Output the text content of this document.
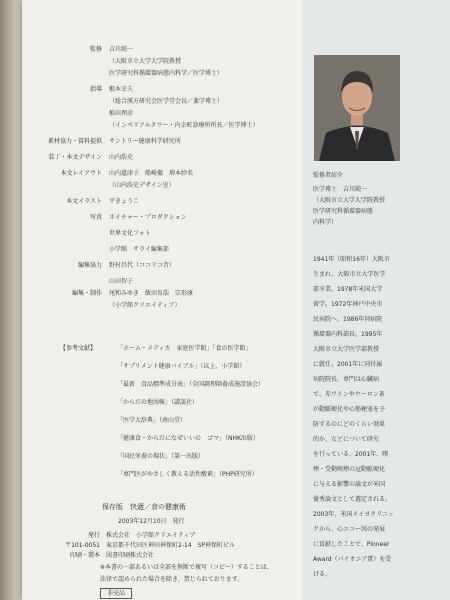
監修 吉川純一
（大阪市立大学大学院教授
医学研究科循環器病態内科学／医学博士）
指導 根本幸夫
（総合漢方研究会医学堂会長／薬学博士）
植田理彦
（インペリアルタワー・内幸町診療所所長／医学博士）
素材協力・資料提供 サントリー健康科学研究所
装丁・本文デザイン 山内浩史
本文レイアウト 山内道津子　船崎徹　増本紗名
（山内浩史デザイン室）
本文イラスト 平きょうこ
写真 ネイチャー・プロダクション
世界文化フォト
小学館　サライ編集部
編集協力 野村昌代（ココリコ舎）
山田智子
編集・制作 尾和みゆき　飯田育浩　宗形康
（小学館クリエイティブ）
【参考文献】	「ホーム・メディカ　家庭医学館」「食の医学館」
「サプリメント健康バイブル」（以上、小学館）
「最新　食品標準成分表」（全国調理師養成施設協会）
「からだの地図帳」（講談社）
「医学大辞典」（南山堂）
「健康食・からだになぜいいの　ゴマ」（NHK出版）
「国民栄養の現状」（第一出版）
「専門医がやさしく教える活性酸素」（PHP研究所）
保存版　快適／食の健康術
2003年12月10日　発行
発行 株式会社　小学館クリエイティブ
〒101-0051 東京都千代田区神田神保町2-14　SP神保町ビル
印刷・製本 図書印刷株式会社
※本書の一部あるいは全部を無断で複写（コピー）することは、
法律で認められた場合を除き、禁じられております。
非売品
監修者紹介
医学博士　吉川純一
（大阪市立大学大学院教授
医学研究科循環器病態
内科学）
1941年（昭和16年）大阪市
生まれ。大阪市立大学医学
部卒業。1978年米国大学
留学。1972年神戸中央市
民病院へ。1986年同病院
循環器内科部長。1995年
大阪市立大学医学部教授
に就任。2001年に同付属
病院院長。専門は心臓病
で、赤ワインやウーロン茶
が動脈硬化や心筋梗塞を予
防するのにどのくらい効果
的か、などについて研究
を行っている。2001年、喫
煙・受動喫煙の冠動脈硬化
に与える影響の論文が米国
優秀論文として選定される。
2003年、米国メイヨクリニッ
クから、心エコー図の発展
に貢献したことで、Pioneer
Award（パイオニア賞）を受
ける。
